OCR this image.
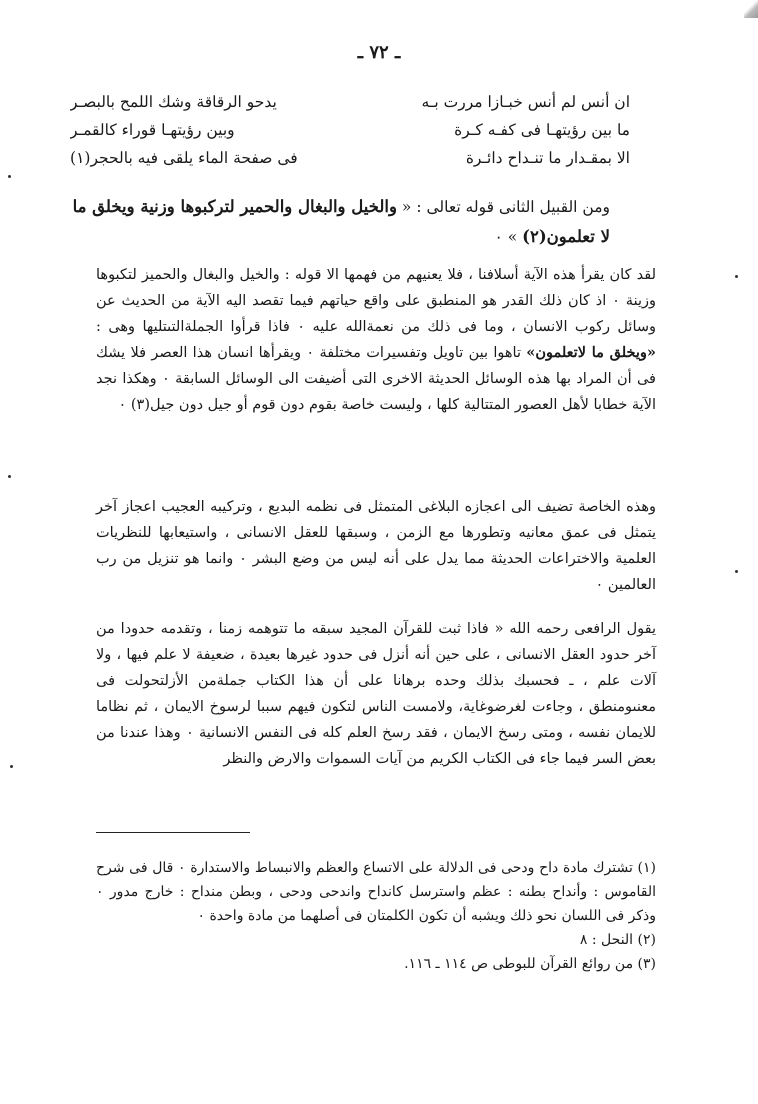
ـ ٧٢ ـ
ان أنس لم أنس خبـازا مررت بـه
يدحو الرقاقة وشك اللمح بالبصـر
ما بين رؤيتهـا فى كفـه كـرة
وبين رؤيتهـا قوراء كالقمـر
الا بمقـدار ما تنـداح دائـرة
فى صفحة الماء يلقى فيه بالحجر(١)
ومن القبيل الثانى قوله تعالى : « والخيل والبغال والحمير لتركبوها وزنية ويخلق ما لا تعلمون(٢) » ٠
لقد كان يقرأ هذه الآية أسلافنا ، فلا يعنيهم من فهمها الا قوله : والخيل والبغال والحميز لتكبوها وزينة ٠ اذ كان ذلك القدر هو المنطبق على واقع حياتهم فيما تقصد اليه الآية من الحديث عن وسائل ركوب الانسان ، وما فى ذلك من نعمةالله عليه ٠ فاذا قرأوا الجملةالتىتليها وهى : «ويخلق ما لاتعلمون» تاهوا بين تاويل وتفسيرات مختلفة ٠ ويقرأها انسان هذا العصر فلا يشك فى أن المراد بها هذه الوسائل الحديثة الاخرى التى أضيفت الى الوسائل السابقة ٠ وهكذا نجد الآية خطابا لأهل العصور المتتالية كلها ، وليست خاصة بقوم دون قوم أو جيل دون جيل(٣) ٠
وهذه الخاصة تضيف الى اعجازه البلاغى المتمثل فى نظمه البديع ، وتركيبه العجيب اعجاز آخر يتمثل فى عمق معانيه وتطورها مع الزمن ، وسبقها للعقل الانسانى ، واستيعابها للنظريات العلمية والاختراعات الحديثة مما يدل على أنه ليس من وضع البشر ٠ وانما هو تنزيل من رب العالمين ٠
يقول الرافعى رحمه الله « فاذا ثبت للقرآن المجيد سبقه ما تتوهمه زمنا ، وتقدمه حدودا من آخر حدود العقل الانسانى ، على حين أنه أنزل فى حدود غيرها بعيدة ، ضعيفة لا علم فيها ، ولا آلات علم ، ـ فحسبك بذلك وحده برهانا على أن هذا الكتاب جملةمن الأزلتحولت فى معنىومنطق ، وجاءت لغرضوغاية، ولامست الناس لتكون فيهم سببا لرسوخ الايمان ، ثم نظاما للايمان نفسه ، ومتى رسخ الايمان ، فقد رسخ العلم كله فى النفس الانسانية ٠ وهذا عندنا من بعض السر فيما جاء فى الكتاب الكريم من آيات السموات والارض والنظر

(١) تشترك مادة داح ودحى فى الدلالة على الاتساع والعظم والانبساط والاستدارة ٠ قال فى شرح القاموس : وأنداح بطنه : عظم واسترسل كانداح واندحى ودحى ، وبطن منداح : خارج مدور ٠ وذكر فى اللسان نحو ذلك ويشبه أن تكون الكلمتان فى أصلهما من مادة واحدة ٠

(٢) النحل : ٨

(٣) من روائع القرآن للبوطى ص ١١٤ ـ ١١٦.
